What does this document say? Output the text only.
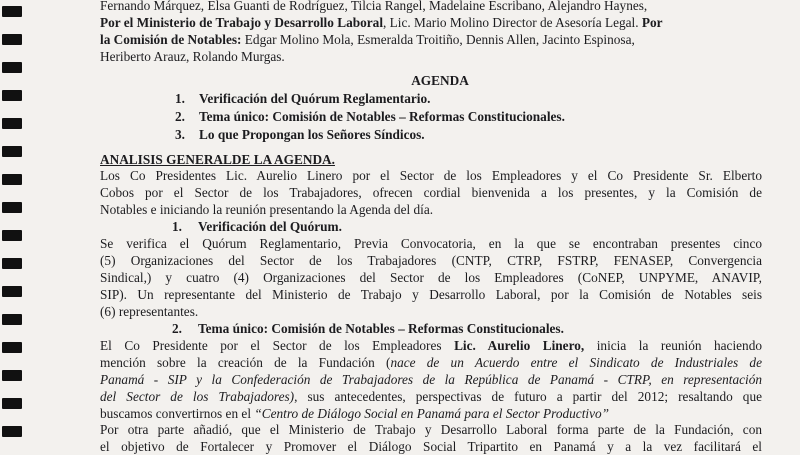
Fernando Márquez, Elsa Guanti de Rodríguez, Tilcia Rangel, Madelaine Escribano, Alejandro Haynes,
Por el Ministerio de Trabajo y Desarrollo Laboral, Lic. Mario Molino Director de Asesoría Legal. Por
la Comisión de Notables: Edgar Molino Mola, Esmeralda Troitiño, Dennis Allen, Jacinto Espinosa,
Heriberto Arauz, Rolando Murgas.
AGENDA
1. Verificación del Quórum Reglamentario.
2. Tema único: Comisión de Notables – Reformas Constitucionales.
3. Lo que Propongan los Señores Síndicos.
ANALISIS GENERALDE LA AGENDA.
Los Co Presidentes Lic. Aurelio Linero por el Sector de los Empleadores y el Co Presidente Sr. Elberto
Cobos por el Sector de los Trabajadores, ofrecen cordial bienvenida a los presentes, y la Comisión de
Notables e iniciando la reunión presentando la Agenda del día.
1. Verificación del Quórum.
Se verifica el Quórum Reglamentario, Previa Convocatoria, en la que se encontraban presentes cinco
(5) Organizaciones del Sector de los Trabajadores (CNTP, CTRP, FSTRP, FENASEP, Convergencia
Sindical,) y cuatro (4) Organizaciones del Sector de los Empleadores (CoNEP, UNPYME, ANAVIP,
SIP). Un representante del Ministerio de Trabajo y Desarrollo Laboral, por la Comisión de Notables seis
(6) representantes.
2. Tema único: Comisión de Notables – Reformas Constitucionales.
El Co Presidente por el Sector de los Empleadores Lic. Aurelio Linero, inicia la reunión haciendo
mención sobre la creación de la Fundación (nace de un Acuerdo entre el Sindicato de Industriales de
Panamá - SIP y la Confederación de Trabajadores de la República de Panamá - CTRP, en representación
del Sector de los Trabajadores), sus antecedentes, perspectivas de futuro a partir del 2012; resaltando que
buscamos convertirnos en el “Centro de Diálogo Social en Panamá para el Sector Productivo”
Por otra parte añadió, que el Ministerio de Trabajo y Desarrollo Laboral forma parte de la Fundación, con
el objetivo de Fortalecer y Promover el Diálogo Social Tripartito en Panamá y a la vez facilitará el
